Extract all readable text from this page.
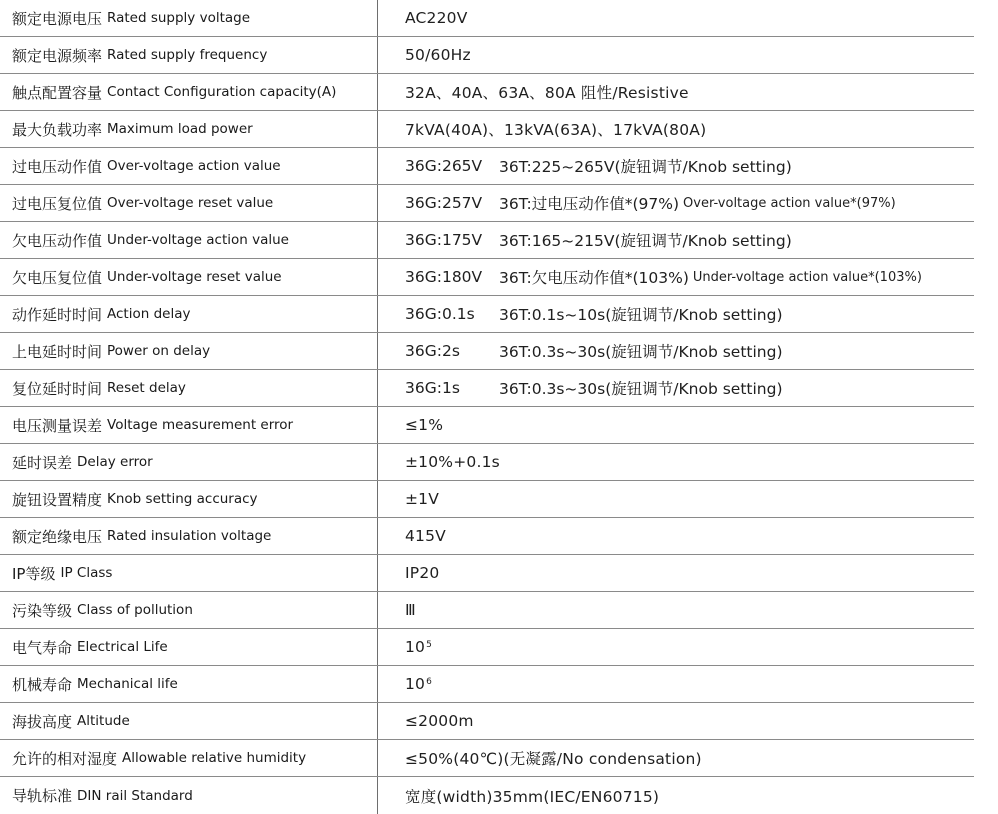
额定电源电压 Rated supply voltage	AC220V
额定电源频率 Rated supply frequency	50/60Hz
触点配置容量 Contact Configuration capacity(A)	32A、40A、63A、80A 阻性/Resistive
最大负载功率 Maximum load power	7kVA(40A)、13kVA(63A)、17kVA(80A)
过电压动作值 Over-voltage action value	36G:265V	36T:225~265V(旋钮调节/Knob setting)
过电压复位值 Over-voltage reset value	36G:257V	36T:过电压动作值*(97%) Over-voltage action value*(97%)
欠电压动作值 Under-voltage action value	36G:175V	36T:165~215V(旋钮调节/Knob setting)
欠电压复位值 Under-voltage reset value	36G:180V	36T:欠电压动作值*(103%) Under-voltage action value*(103%)
动作延时时间 Action delay	36G:0.1s	36T:0.1s~10s(旋钮调节/Knob setting)
上电延时时间 Power on delay	36G:2s	36T:0.3s~30s(旋钮调节/Knob setting)
复位延时时间 Reset delay	36G:1s	36T:0.3s~30s(旋钮调节/Knob setting)
电压测量误差 Voltage measurement error	≤1%
延时误差 Delay error	±10%+0.1s
旋钮设置精度 Knob setting accuracy	±1V
额定绝缘电压 Rated insulation voltage	415V
IP等级 IP Class	IP20
污染等级 Class of pollution	Ⅲ
电气寿命 Electrical Life	10 5
机械寿命 Mechanical life	10 6
海拔高度 Altitude	≤2000m
允许的相对湿度 Allowable relative humidity	≤50%(40℃)(无凝露/No condensation)
导轨标准 DIN rail Standard	宽度(width)35mm(IEC/EN60715)
